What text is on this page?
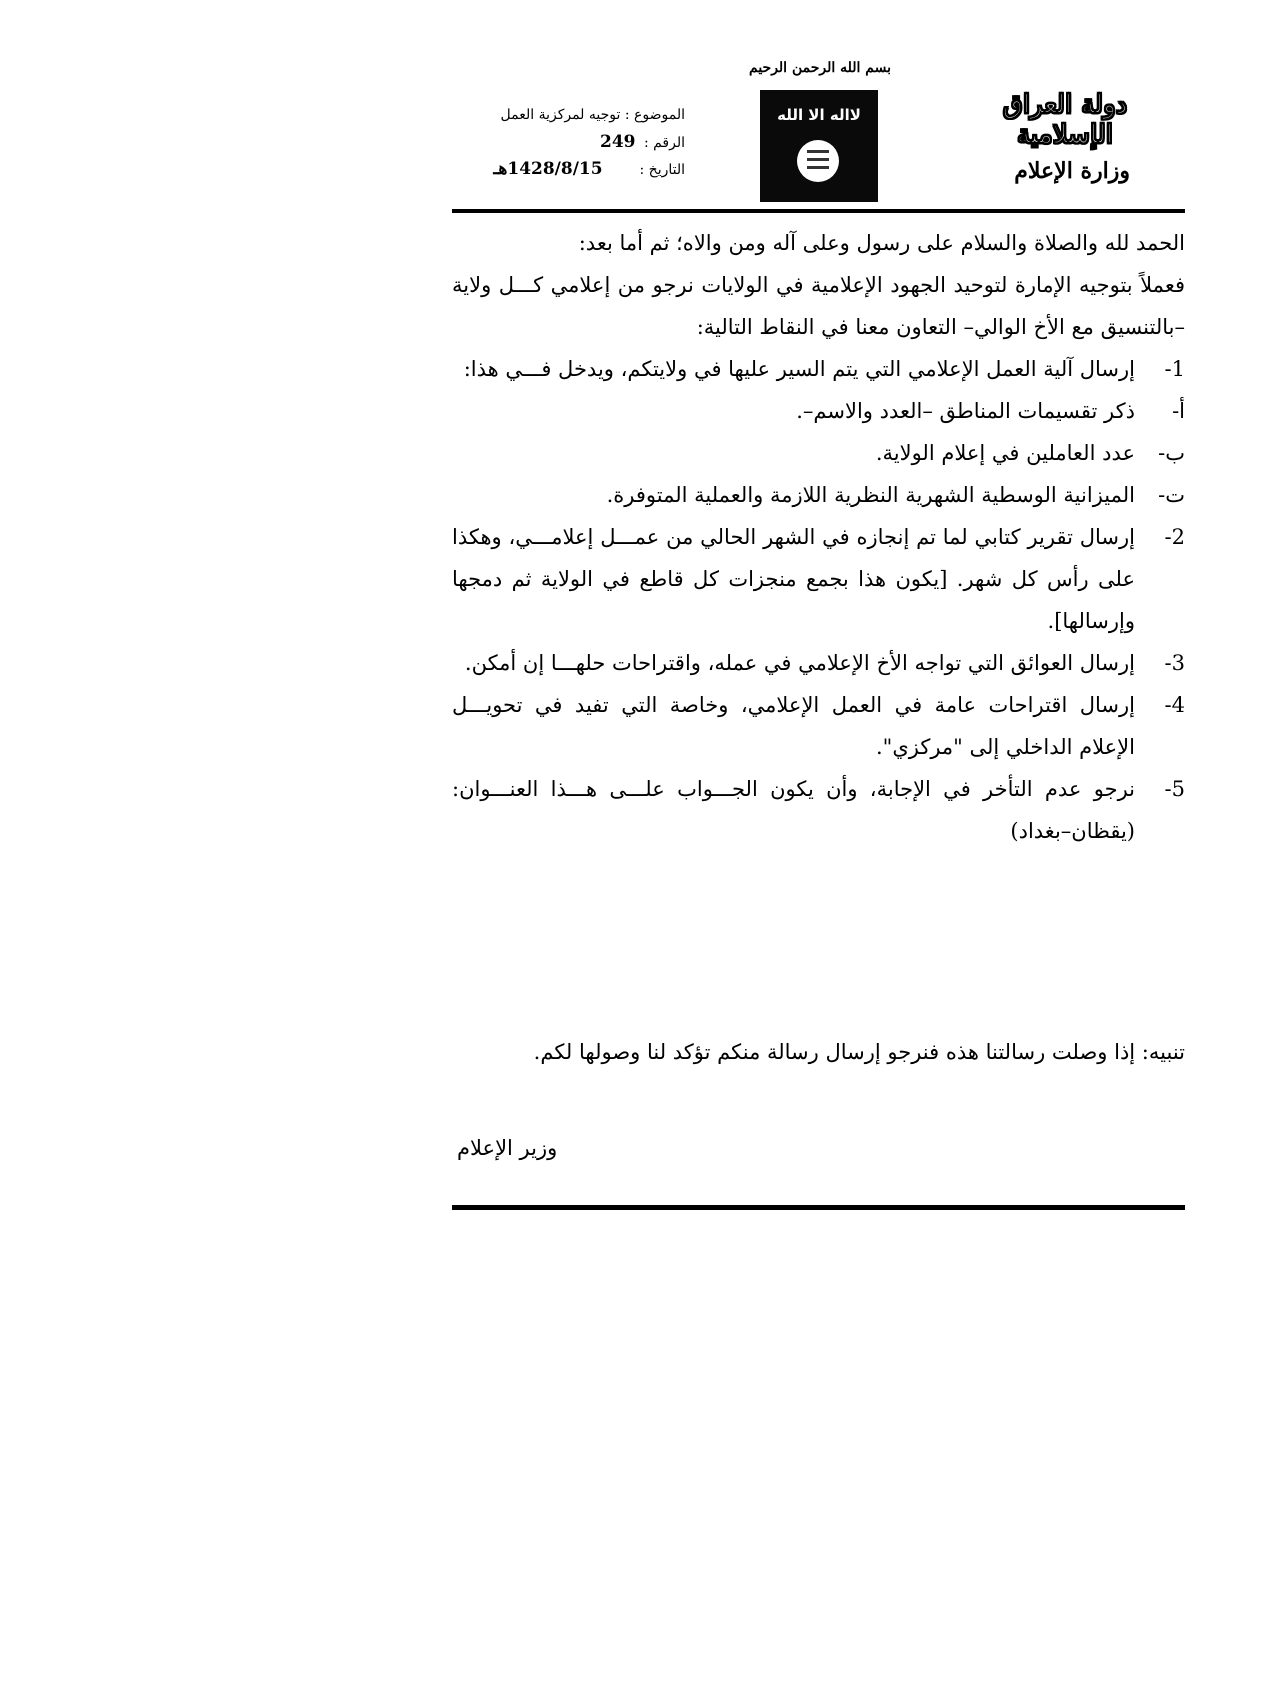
بسم الله الرحمن الرحيم
لااله الا الله	دولة العراق الإسلامية
وزارة الإعلام
الموضوع : توجيه لمركزية العمل
الرقم : 249
التاريخ :  1428/8/15هـ

الحمد لله والصلاة والسلام على رسول وعلى آله ومن والاه؛ ثم أما بعد:

فعملاً بتوجيه الإمارة لتوحيد الجهود الإعلامية في الولايات نرجو من إعلامي كـــل ولاية –بالتنسيق مع الأخ الوالي– التعاون معنا في النقاط التالية:

1-
إرسال آلية العمل الإعلامي التي يتم السير عليها في ولايتكم، ويدخل فـــي هذا:
أ-
ذكر تقسيمات المناطق –العدد والاسم–.
ب-
عدد العاملين في إعلام الولاية.
ت-
الميزانية الوسطية الشهرية النظرية اللازمة والعملية المتوفرة.
2-
إرسال تقرير كتابي لما تم إنجازه في الشهر الحالي من عمـــل إعلامـــي، وهكذا على رأس كل شهر. [يكون هذا بجمع منجزات كل قاطع في الولاية ثم دمجها وإرسالها].
3-
إرسال العوائق التي تواجه الأخ الإعلامي في عمله، واقتراحات حلهـــا إن أمكن.
4-
إرسال اقتراحات عامة في العمل الإعلامي، وخاصة التي تفيد في تحويـــل الإعلام الداخلي إلى "مركزي".
5-
نرجو عدم التأخر في الإجابة، وأن يكون الجـــواب علـــى هـــذا العنـــوان: (يقظان–بغداد)
تنبيه: إذا وصلت رسالتنا هذه فنرجو إرسال رسالة منكم تؤكد لنا وصولها لكم.
وزير الإعلام
